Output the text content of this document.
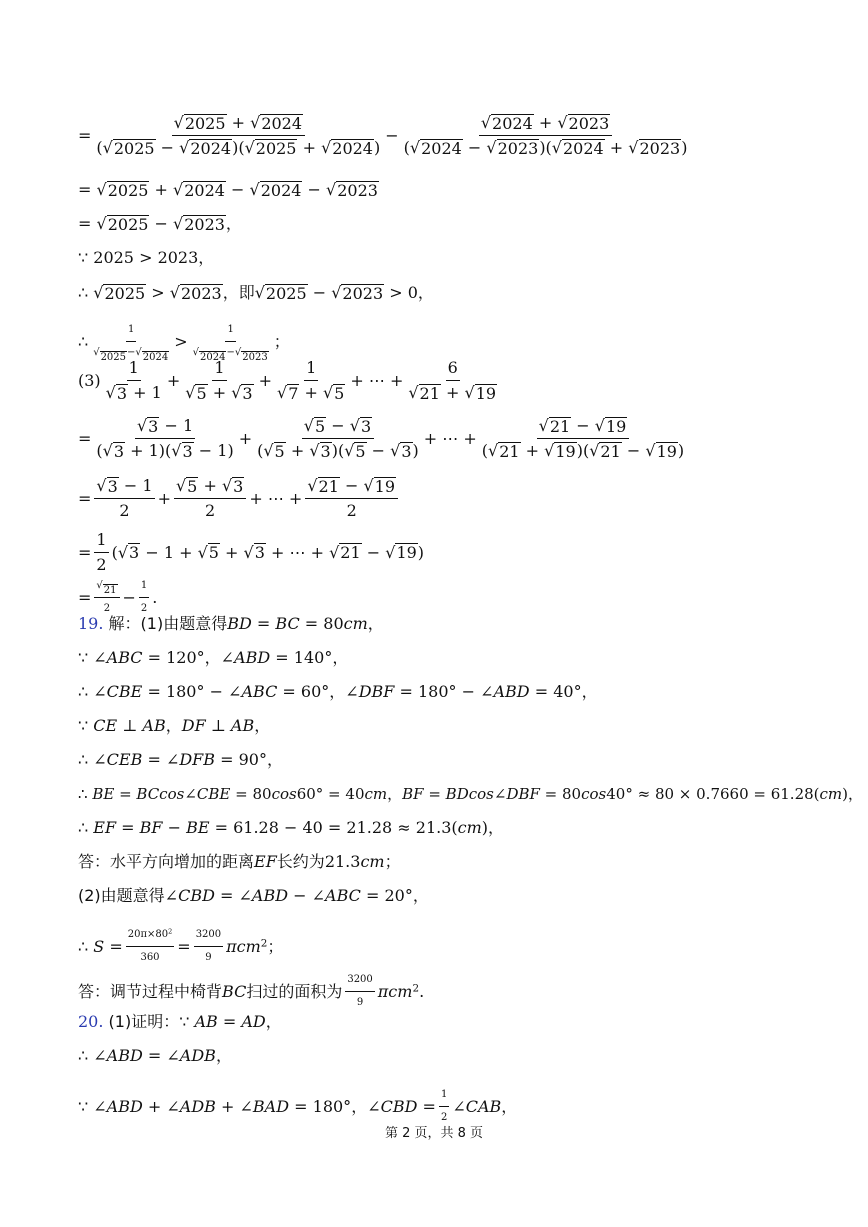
= $\frac{√ 2025 + √ 2024}{( √ 2025 - √ 2024 )( √ 2025 + √ 2024 )} - \frac{√ 2024 + √ 2023}{( √ 2024 - √ 2023 )( √ 2024 + √ 2023 )}$
= √ 2025 + √ 2024 − √ 2024 − √ 2023
= √ 2025 − √ 2023 ，
∵ 2025 > 2023，
∴ √ 2025 > √ 2023 ，即 √ 2025 − √ 2023 > 0，
∴ $\frac{1}{√ 2025 - √ 2024} > \frac{1}{√ 2024 - √ 2023}$ ；
$(3) \frac{1}{√ 3 + 1} + \frac{1}{√ 5 + √ 3} + \frac{1}{√ 7 + √ 5}$ + ⋯ + $\frac{6}{√ 21 + √ 19}$
= $\frac{√ 3 - 1}{( √ 3 + 1)( √ 3 - 1)} + \frac{√ 5 - √ 3}{( √ 5 + √ 3 )( √ 5 - √ 3 )}$ + ⋯ + $\frac{√ 21 - √ 19}{( √ 21 + √ 19 )( √ 21 - √ 19 )}$
= $\frac{√ 3 - 1}{2} + \frac{√ 5 + √ 3}{2}$ + ⋯ + $\frac{√ 21 - √ 19}{2}$
= $\frac{1}{2}$ ( √ 3 − 1 + √ 5 + √ 3 + ⋯ + √ 21 − √ 19 )
= $\frac{√ 21}{2} - \frac{1}{2}$ .
19. 解：(1)由题意得BD = BC = 80cm，
∵ ∠ABC = 120°，∠ABD = 140°，
∴ ∠CBE = 180° − ∠ABC = 60°，∠DBF = 180° − ∠ABD = 40°，
∵ CE ⊥ AB，DF ⊥ AB，
∴ ∠CEB = ∠DFB = 90°，
∴ BE = BCcos∠CBE = 80cos60° = 40cm，BF = BDcos∠DBF = 80cos40° ≈ 80 × 0.7660 = 61.28(cm)，
∴ EF = BF − BE = 61.28 − 40 = 21.28 ≈ 21.3(cm)，
答：水平方向增加的距离EF长约为21.3cm；
(2)由题意得∠CBD = ∠ABD − ∠ABC = 20°，
∴ $S = \frac{20\pi\times 80^2}{360} = \frac{3200}{9} \pi cm^2$；
答：调节过程中椅背 BC 扫过的面积为 $\frac{3200}{9} \pi cm^2$.
20. (1)证明：∵ AB = AD，
∴ ∠ABD = ∠ADB，
∵ ∠ABD + ∠ADB + ∠BAD = 180°，∠CBD = $\frac{1}{2}$ ∠CAB，
第 2 页，共 8 页
